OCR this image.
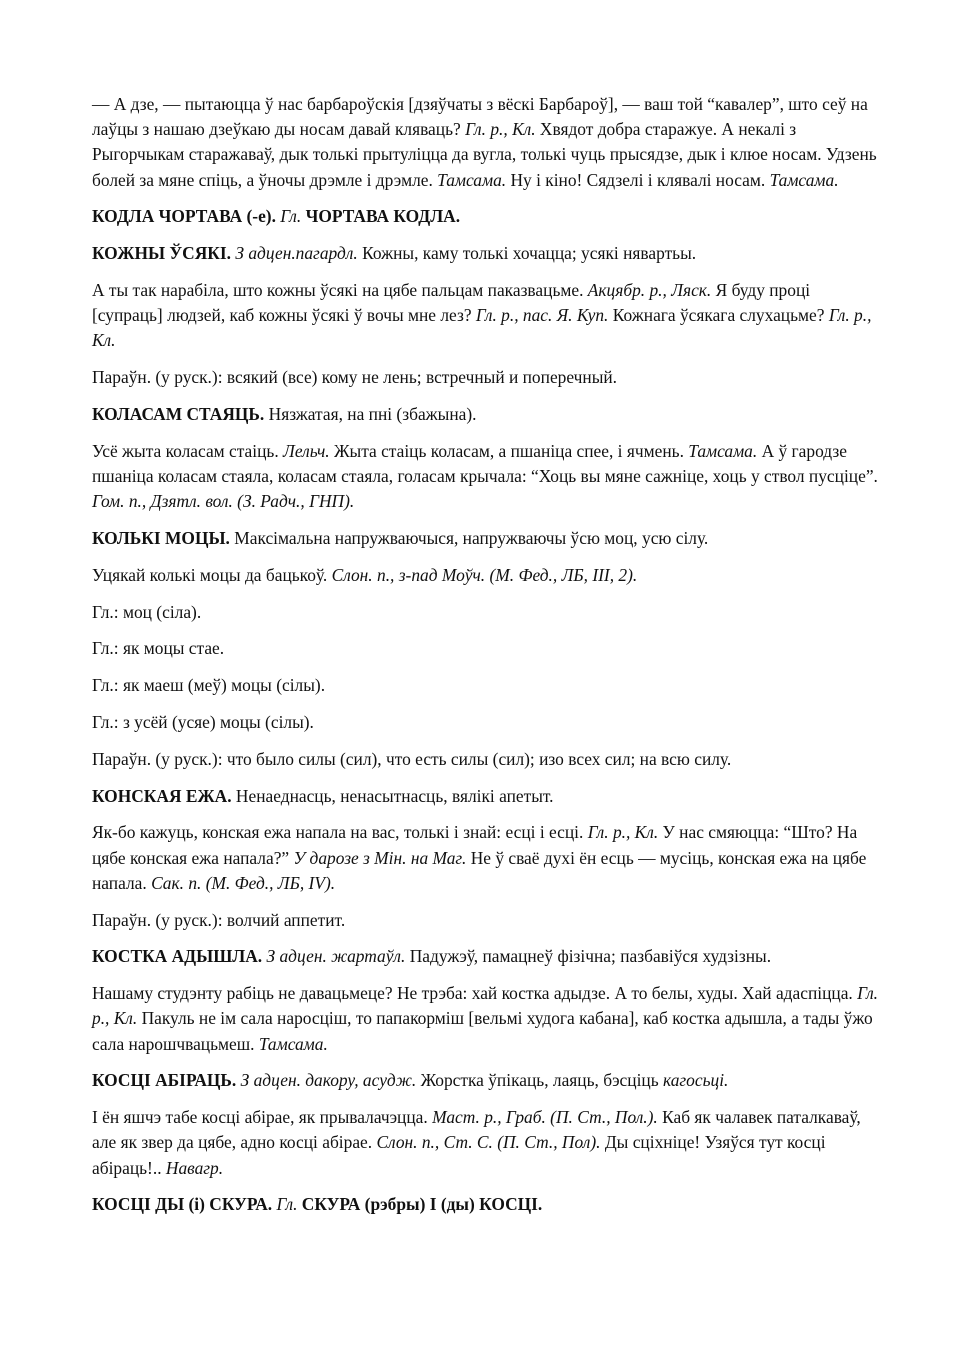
— А дзе, — пытаюцца ў нас барбароўскія [дзяўчаты з вёскі Барбароў], — ваш той “кавалер”, што сеў на лаўцы з нашаю дзеўкаю ды носам давай кляваць? Гл. р., Кл. Хвядот добра старажуе. А некалі з Рыгорчыкам старажаваў, дык толькі прытуліцца да вугла, толькі чуць прысядзе, дык і клюе носам. Удзень болей за мяне спіць, а ўночы дрэмле і дрэмле. Тамсама. Ну і кіно! Сядзелі і клявалі носам. Тамсама.

КОДЛА ЧОРТАВА (-е). Гл. ЧОРТАВА КОДЛА.

КОЖНЫ ЎСЯКІ. З адцен.пагардл. Кожны, каму толькі хочацца; усякі нявартьы.

А ты так нарабіла, што кожны ўсякі на цябе пальцам паказвацьме. Акцябр. р., Ляск. Я буду проці [супраць] людзей, каб кожны ўсякі ў вочы мне лез? Гл. р., пас. Я. Куп. Кожнага ўсякага слухацьме? Гл. р., Кл.

Параўн. (у руск.): всякий (все) кому не лень; встречный и поперечный.

КОЛАСАМ СТАЯЦЬ. Нязжатая, на пні (збажына).

Усё жыта коласам стаіць. Лельч. Жыта стаіць коласам, а пшаніца спее, і ячмень. Тамсама. А ў гародзе пшаніца коласам стаяла, коласам стаяла, голасам крычала: “Хоць вы мяне сажніце, хоць у ствол пусціце”. Гом. п., Дзятл. вол. (З. Радч., ГНП).

КОЛЬКІ МОЦЫ. Максімальна напружваючыся, напружваючы ўсю моц, усю сілу.

Уцякай колькі моцы да бацькоў. Слон. п., з-пад Моўч. (М. Фед., ЛБ, III, 2).

Гл.: моц (сіла).

Гл.: як моцы стае.

Гл.: як маеш (меў) моцы (сілы).

Гл.: з усёй (усяе) моцы (сілы).

Параўн. (у руск.): что было силы (сил), что есть силы (сил); изо всех сил; на всю силу.

КОНСКАЯ ЕЖА. Ненаеднасць, ненасытнасць, вялікі апетыт.

Як-бо кажуць, конская ежа напала на вас, толькі і знай: есці і есці. Гл. р., Кл. У нас смяюцца: “Што? На цябе конская ежа напала?” У дарозе з Мін. на Маг. Не ў сваё духі ён есць — мусіць, конская ежа на цябе напала. Сак. п. (М. Фед., ЛБ, IV).

Параўн. (у руск.): волчий аппетит.

КОСТКА АДЫШЛА. З адцен. жартаўл. Падужэў, памацнеў фізічна; пазбавіўся худзізны.

Нашаму студэнту рабіць не давацьмеце? Не трэба: хай костка адыдзе. А то белы, худы. Хай адаспіцца. Гл. р., Кл. Пакуль не ім сала наросціш, то папакорміш [вельмі худога кабана], каб костка адышла, а тады ўжо сала нарошчвацьмеш. Тамсама.

КОСЦІ АБІРАЦЬ. З адцен. дакору, асудж. Жорстка ўпікаць, лаяць, бэсціць кагосьці.

І ён яшчэ табе косці абірае, як прывалачэцца. Маст. р., Граб. (П. Ст., Пол.). Каб як чалавек паталкаваў, але як звер да цябе, адно косці абірае. Слон. п., Ст. С. (П. Ст., Пол). Ды сціхніце! Узяўся тут косці абіраць!.. Навагр.

КОСЦІ ДЫ (і) СКУРА. Гл. СКУРА (рэбры) І (ды) КОСЦІ.
